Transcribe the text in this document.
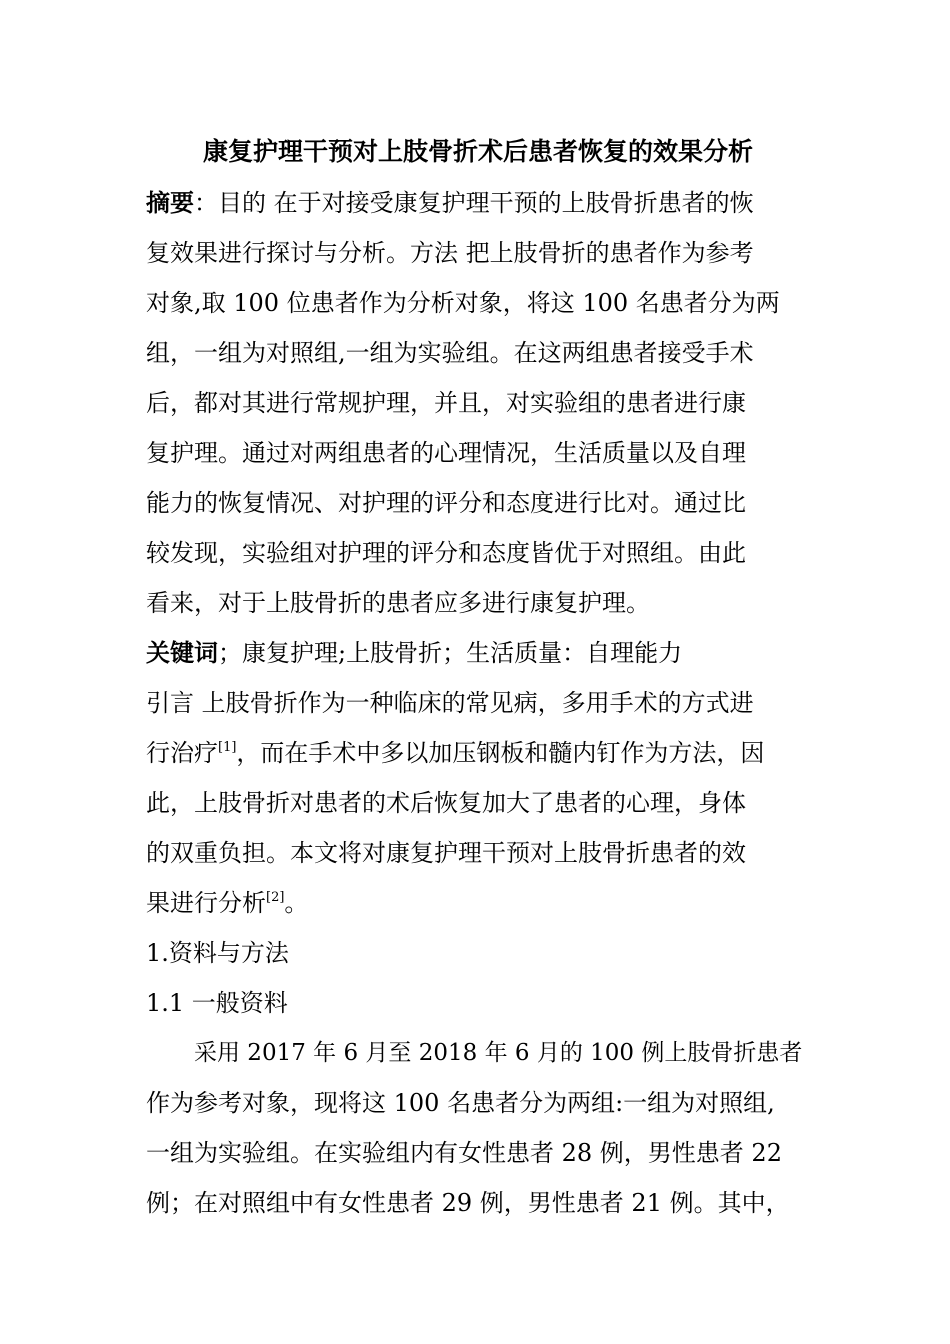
康复护理干预对上肢骨折术后患者恢复的效果分析

摘要：目的 在于对接受康复护理干预的上肢骨折患者的恢

复效果进行探讨与分析。方法 把上肢骨折的患者作为参考

对象,取 100 位患者作为分析对象，将这 100 名患者分为两

组，一组为对照组,一组为实验组。在这两组患者接受手术

后，都对其进行常规护理，并且，对实验组的患者进行康

复护理。通过对两组患者的心理情况，生活质量以及自理

能力的恢复情况、对护理的评分和态度进行比对。通过比

较发现，实验组对护理的评分和态度皆优于对照组。由此

看来，对于上肢骨折的患者应多进行康复护理。

关键词；康复护理;上肢骨折；生活质量：自理能力

引言 上肢骨折作为一种临床的常见病，多用手术的方式进

行治疗[1]，而在手术中多以加压钢板和髓内钉作为方法，因

此，上肢骨折对患者的术后恢复加大了患者的心理，身体

的双重负担。本文将对康复护理干预对上肢骨折患者的效

果进行分析[2]。

1.资料与方法

1.1 一般资料

采用 2017 年 6 月至 2018 年 6 月的 100 例上肢骨折患者

作为参考对象，现将这 100 名患者分为两组:一组为对照组,

一组为实验组。在实验组内有女性患者 28 例，男性患者 22

例；在对照组中有女性患者 29 例，男性患者 21 例。其中，
